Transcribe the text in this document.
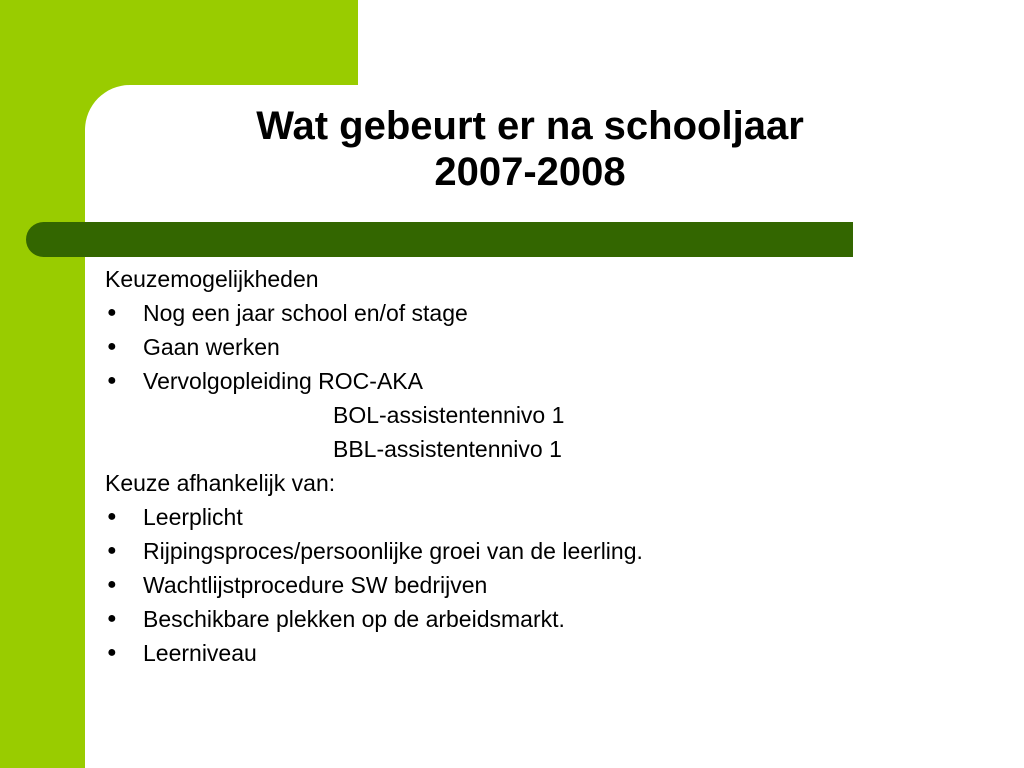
Wat gebeurt er na schooljaar
2007-2008
Keuzemogelijkheden
●	Nog een jaar school en/of stage
●	Gaan werken
●	Vervolgopleiding ROC-AKA
BOL-assistentennivo 1
BBL-assistentennivo 1
Keuze afhankelijk van:
●	Leerplicht
●	Rijpingsproces/persoonlijke groei van de leerling.
●	Wachtlijstprocedure SW bedrijven
●	Beschikbare plekken op de arbeidsmarkt.
●	Leerniveau
